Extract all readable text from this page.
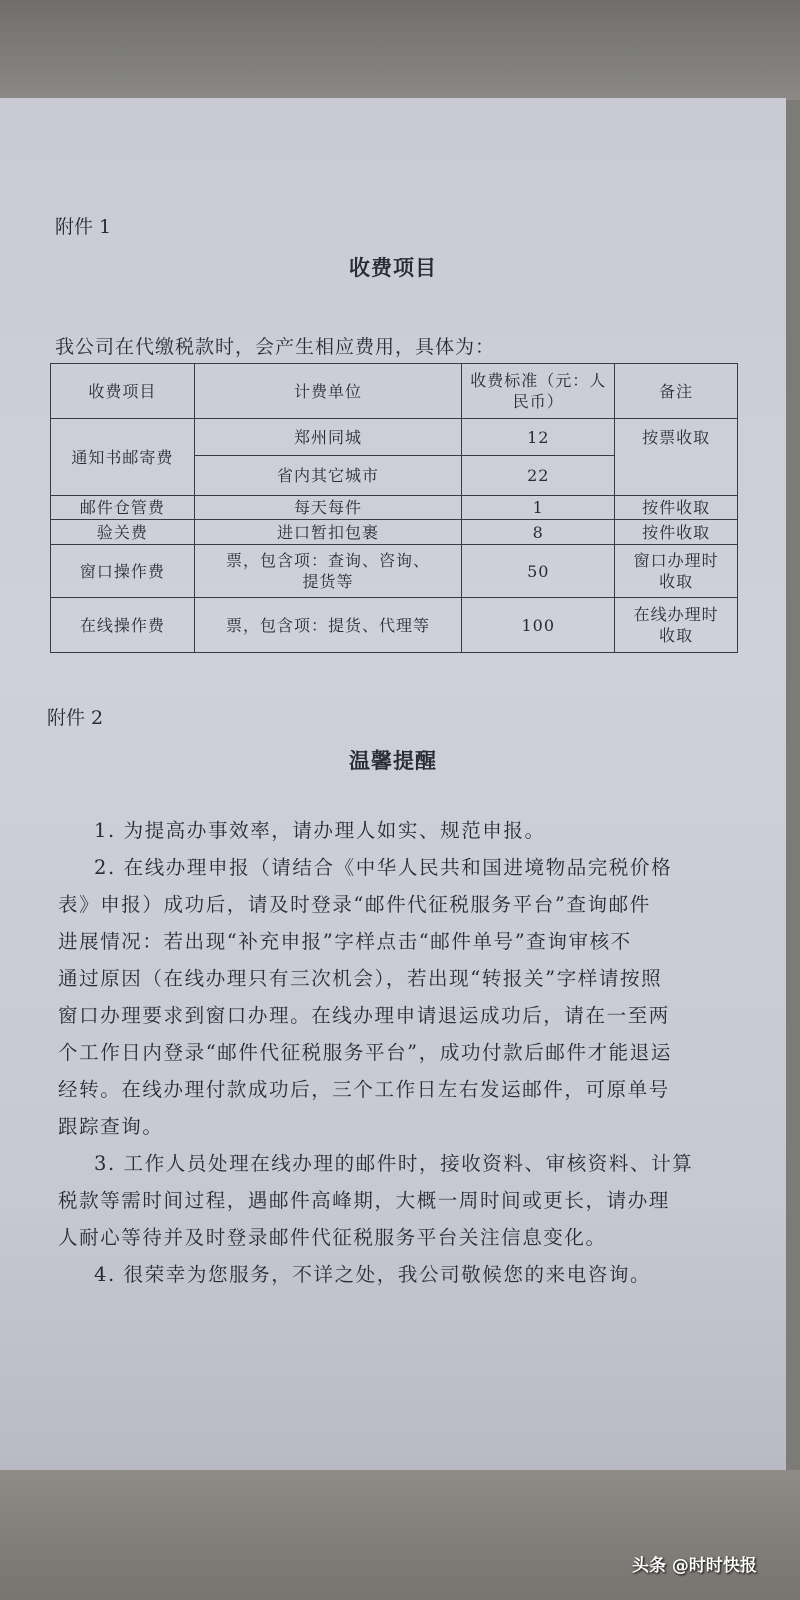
附件 1
收费项目
我公司在代缴税款时，会产生相应费用，具体为：
收费项目	计费单位	收费标准（元：人民币）	备注
通知书邮寄费	郑州同城	12	按票收取
	省内其它城市	22	
邮件仓管费	每天每件	1	按件收取
验关费	进口暂扣包裹	8	按件收取
窗口操作费	票，包含项：查询、咨询、提货等	50	窗口办理时收取
在线操作费	票，包含项：提货、代理等	100	在线办理时收取
附件 2
温馨提醒
1. 为提高办事效率，请办理人如实、规范申报。
2. 在线办理申报（请结合《中华人民共和国进境物品完税价格
表》申报）成功后，请及时登录“邮件代征税服务平台”查询邮件
进展情况：若出现“补充申报”字样点击“邮件单号”查询审核不
通过原因（在线办理只有三次机会），若出现“转报关”字样请按照
窗口办理要求到窗口办理。在线办理申请退运成功后，请在一至两
个工作日内登录“邮件代征税服务平台”，成功付款后邮件才能退运
经转。在线办理付款成功后，三个工作日左右发运邮件，可原单号
跟踪查询。
3. 工作人员处理在线办理的邮件时，接收资料、审核资料、计算
税款等需时间过程，遇邮件高峰期，大概一周时间或更长，请办理
人耐心等待并及时登录邮件代征税服务平台关注信息变化。
4. 很荣幸为您服务，不详之处，我公司敬候您的来电咨询。
头条 @时时快报
